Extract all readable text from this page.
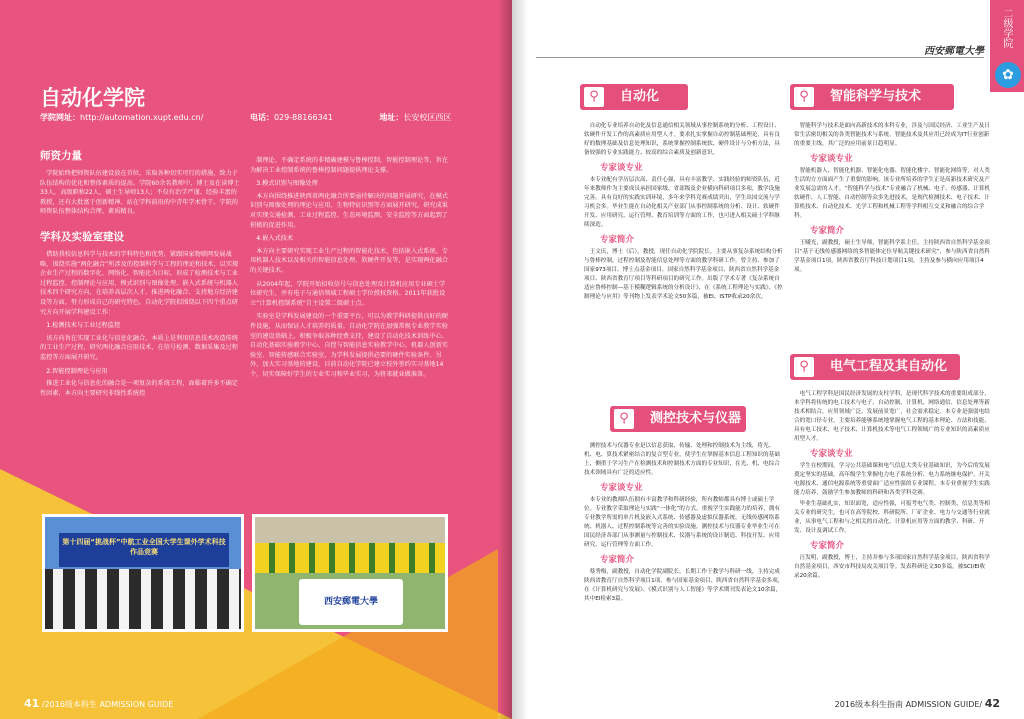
自动化学院
学院网址：http://automation.xupt.edu.cn/	电话：029-88166341	地址：长安校区西区
师资力量

学院始终把师资队伍建设放在首位，采取各种切实可行的措施，致力于队伍结构的优化和整体素质的提高。学院60余名教师中，博士及在读博士33人，高级职称22人，硕士生导师13人；不仅有治学严谨、经验丰富的教授，还有大批富于创新精神、站在学科前沿的中青年学术骨干。学院的师资队伍整体结构合理、素质精良。

学科及实验室建设

借助我校信息科学与技术的学科特色和优势，紧跟国家物联网发展战略，围绕实施“两化融合”所涉及的控制科学与工程的理论和技术，以实现企业生产过程的数字化、网络化、智能化为目标，形成了检测技术与工业过程监控、控制理论与应用、模式识别与图像处理、嵌入式系统与机器人技术四个研究方向，在培养高层次人才、推进两化融合、支持地方经济建设等方面，努力形成自己的研究特色。自动化学院拟围绕以下四个重点研究方向开展学科建设工作：

1.检测技术与工业过程监控

该方向旨在实现工业化与信息化融合，本质上是利用信息技术改造传统的工业生产过程，研究两化融合应用技术，在信号检测、数据采集及过程监控等方面展开研究。

2.智能控制理论与应用

推进工业化与信息化的融合是一项复杂的系统工程，面临着许多不确定性因素，本方向主要研究非线性系统控

制理论、不确定系统的非精确建模与鲁棒控制，智能控制理论等，旨在为解决工业控制系统的鲁棒控制问题提供理论支撑。

3.模式识别与图像处理

本方向围绕推进陕西省两化融合所要亟待解决的问题开展研究，在模式识别与图像处理的理论与应用、生物特征识别等方面展开研究，研究成果对实现交通检测、工业过程监控、生态环境监测、安全监控等方面起到了积极的促进作用。

4.嵌入式技术

本方向主要研究实现工业生产过程的智能化技术，包括嵌入式系统、专用机器人技术以及相关的智能信息处理、软硬件开发等，是实现两化融合的关键技术。

从2004年起，学院开始招收信号与信息处理及计算机应用专业硕士学位研究生，并有电子与通信领域工程硕士学位授权资格。2011年获批设立“计算机控制系统”自主设置二级硕士点。

实验室是学科发展建设的一个重要平台，可以为教学科研提供良好的硬件设施，从而保证人才培养的质量。自动化学院在加强常规专业教学实验室的建设基础上，积极争取各种经费支持，建设了自动化技术训练中心、自动化基础实验教学中心、自控与智能信息实验教学中心、机器人创新实验室、智能传感联合实验室，为学科发展提供必要的硬件实验条件。另外，加大实习基地的建设，目前自动化学院已建立校外签约实习基地14个，切实保障好学生的专业实习和毕业实习，为将来就业做准备。

第十四届“挑战杯”中航工业全国大学生课外学术科技作品竞赛
西安郵電大學
41 /2016级本科生 ADMISSION GUIDE
西安郵電大學
二级学院
✿
⚲	自动化

自动化专业培养自动化及信息通信相关领域从事控制系统的分析、工程设计、软硬件开发工作的高素质应用型人才。要求扎实掌握自动控制基础理论，具有良好的数理基础及信息处理知识，系统掌握控制系统软、硬件设计与分析方法，具备较强的专业实践能力、较高的综合素质及创新意识。

专家谈专业

本专业配有学历层次高、责任心强，具有丰富教学、实践经验的师资队伍，近年来教师作为主要成员承担国家级、省部级及企业横向科研项目多项，教学设施完善。具有良好的实践实训环境，多年来学科竞赛成绩突出，学生出国交流与学习机会多。毕业生能在自动化相关产业部门从事控制系统的分析、设计、软硬件开发、应用研究、运行管理、教育培训等方面的工作，也可进入相关硕士学科继续深造。

专家简介

王文庆，博士（后），教授，现任自动化学院院长。主要从事复杂系统结构分析与鲁棒控制，过程控制及智能信息处理等方面的教学科研工作。曾主持、参加了国家973项目、博士点基金项目、国家自然科学基金项目、陕西省自然科学基金项目、陕西省教育厅项目等科研项目的研究工作。出版了学术专著《复杂系统自适应鲁棒控制—基于模糊逻辑系统的分析设计》、在《系统工程理论与实践》、《控制理论与应用》等刊物上发表学术论文50多篇，被EI、ISTP收录20余次。

⚲	测控技术与仪器

测控技术与仪器专业是以信息获取、传输、处理和控制技术为主线，将光、机、电、算技术紧密结合的复合型专业，使学生在掌握基本信息工程知识的基础上，侧重于学习生产在检测技术和控制技术方面的专业知识，在光、机、电综合技术领域具有广泛的适应性。

专家谈专业

本专业的教师队伍拥有丰富教学和科研经验，所有教师都具有博士或硕士学位。专业教学采取理论与实践“一体化”的方式，重视学生实践能力的培养，拥有专业教学所需的单片机及嵌入式系统、传感器及虚拟仪器系统、无线传感网络系统、机器人、过程控制系统等完善的实验设施。测控技术与仪器专业毕业生可在国民经济各部门从事测量与控制技术、仪器与系统的设计制造、科技开发、应用研究、运行管理等方面工作。

专家简介

蔡秀梅，副教授，自动化学院副院长，长期工作于教学与科研一线，主持完成陕西省教育厅自然科学项目1项，参与国家基金项目、陕西省自然科学基金多项，在《计算机研究与发展》、《模式识别与人工智能》等学术期刊发表论文10余篇，其中EI检索3篇。

⚲	智能科学与技术

智能科学与技术是面向高新技术的本科专业，涉及与国民经济、工业生产及日常生活密切相关的各类智能技术与系统。智能技术及其应用已经成为IT行业创新的重要主线，其广泛的应用前景日趋明显。

专家谈专业

智能机器人、智能化机器、智能化电器、智能化楼宇、智能化网络等，对人类生活的方方面面产生了重要的影响。该专业所培养的学生正是高新技术研究及产业发展急需的人才。“智能科学与技术”专业融合了机械、电子、传感器、计算机软硬件、人工智能、自动控制等众多先进技术，是现代检测技术、电子技术、计算机技术、自动化技术、光学工程和机械工程等学科相互交叉和融合的综合学科。

专家简介

王曦光，副教授，硕士生导师，智能科学系主任，主持陕西省自然科学基金项目“基于无线传感器网络的多智能体定位导航关键技术研究”，参与陕西省自然科学基金项目1项，陕西省教育厅科技计划项目1项，主持及参与横向应用项目4项。

⚲	电气工程及其自动化

电气工程学科是国民经济发展的支柱学科，是现代科学技术的重要组成部分，本学科将传统的电工技术与电子、自动控制、计算机、网络通信、信息处理等新技术相结合，应用领域广泛，发展前景宽广，社会需求稳定。本专业是强弱电结合的宽口径专业，主要培养能够系统地掌握电气工程的基本理论、方法和技能，具有电工技术、电子技术、计算机技术等电气工程领域广的专业知识的高素质应用型人才。

专家谈专业

学生在校期间，学习公共基础课和电气信息大类专业基础知识，为今后的发展奠定坚实的基础，高年级学生掌握电力电子系统分析、电力系统继电保护、开关电源技术、通信电源系统等重要面广适应性强的专业课程。本专业重视学生实践能力培养，鼓励学生参加教师的科研和各类学科竞赛。

毕业生基础扎实，知识面宽，适应性强，可报考电气类、控制类、信息类等相关专业的研究生，也可在高等院校、科研院所、厂矿企业、电力与交通等行业就业，从事电气工程和与之相关的自动化、计算机应用等方面的教学、科研、开发、设计及调试工作。

专家简介

汪发明，副教授，博士，主持并参与多项国家自然科学基金项目，陕西省科学自然基金项目，西安市科技局攻关项目等。发表科研论文30多篇，被SCI/EI收录20余篇。

2016级本科生指南 ADMISSION GUIDE/ 42
